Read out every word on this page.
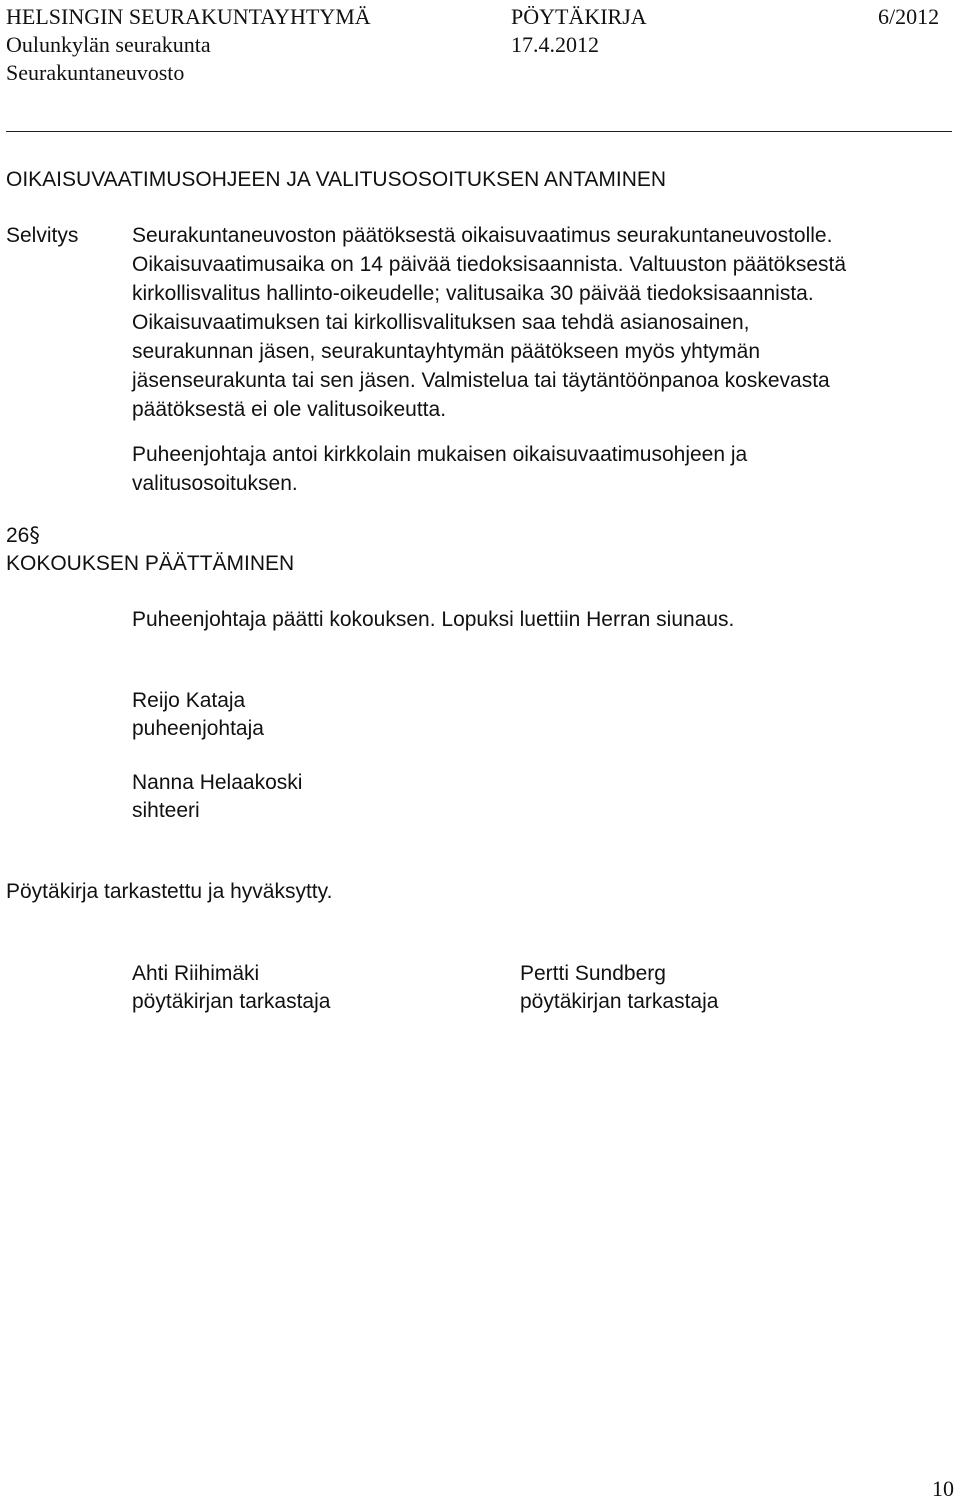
HELSINGIN SEURAKUNTAYHTYMÄ	PÖYTÄKIRJA	6/2012
Oulunkylän seurakunta	17.4.2012
Seurakuntaneuvosto
OIKAISUVAATIMUSOHJEEN JA VALITUSOSOITUKSEN ANTAMINEN
Selvitys	Seurakuntaneuvoston päätöksestä oikaisuvaatimus seurakuntaneuvostolle.
Oikaisuvaatimusaika on 14 päivää tiedoksisaannista. Valtuuston päätöksestä
kirkollisvalitus hallinto-oikeudelle; valitusaika 30 päivää tiedoksisaannista.
Oikaisuvaatimuksen tai kirkollisvalituksen saa tehdä asianosainen,
seurakunnan jäsen, seurakuntayhtymän päätökseen myös yhtymän
jäsenseurakunta tai sen jäsen. Valmistelua tai täytäntöönpanoa koskevasta
päätöksestä ei ole valitusoikeutta.
Puheenjohtaja antoi kirkkolain mukaisen oikaisuvaatimusohjeen ja
valitusosoituksen.
26§
KOKOUKSEN PÄÄTTÄMINEN
Puheenjohtaja päätti kokouksen. Lopuksi luettiin Herran siunaus.
Reijo Kataja
puheenjohtaja
Nanna Helaakoski
sihteeri
Pöytäkirja tarkastettu ja hyväksytty.
Ahti Riihimäki
pöytäkirjan tarkastaja
Pertti Sundberg
pöytäkirjan tarkastaja
10
